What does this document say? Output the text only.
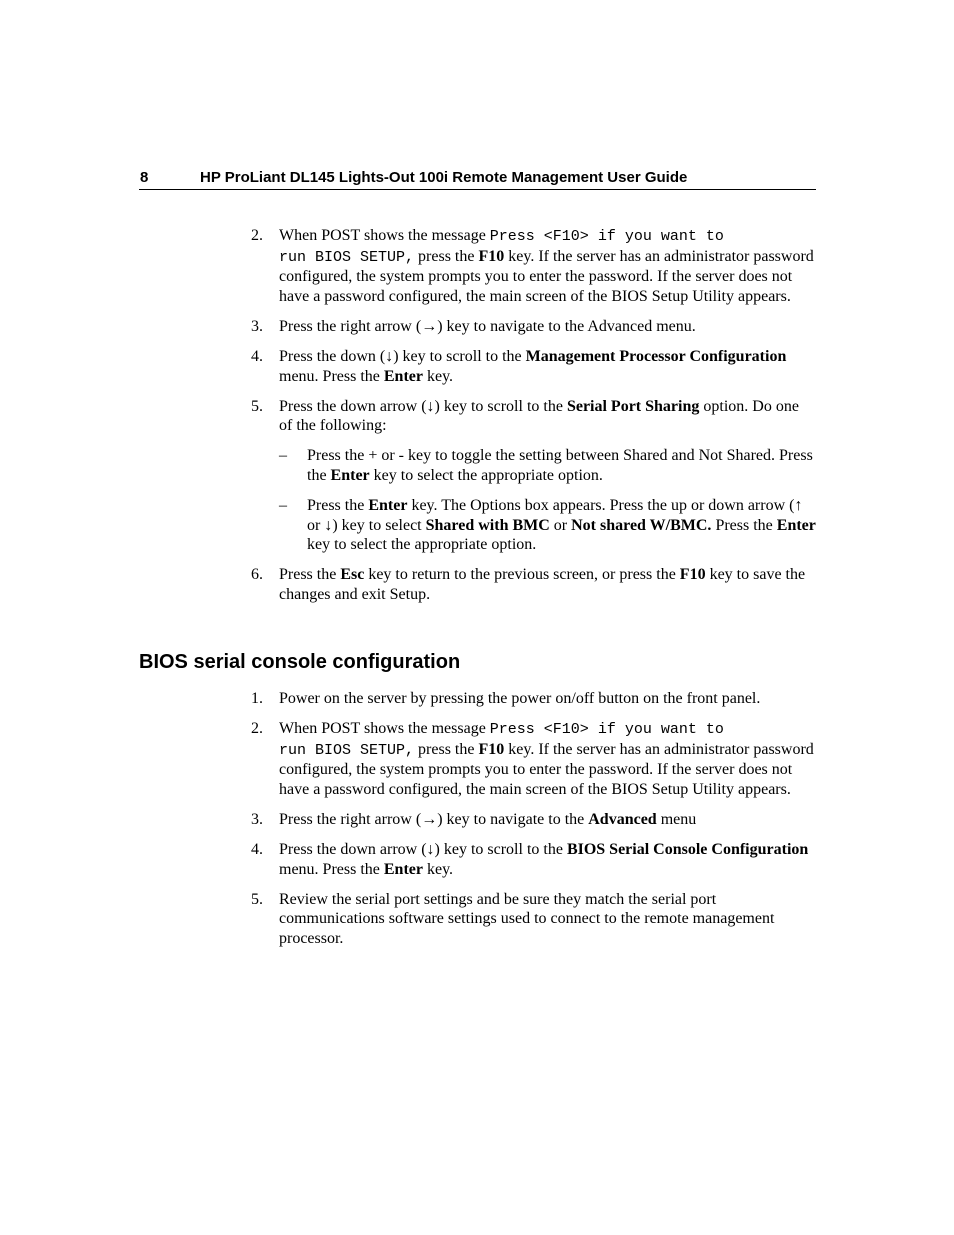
8	HP ProLiant DL145 Lights-Out 100i Remote Management User Guide
2. When POST shows the message Press <F10> if you want to
run BIOS SETUP, press the F10 key. If the server has an administrator password configured, the system prompts you to enter the password. If the server does not have a password configured, the main screen of the BIOS Setup Utility appears.
3. Press the right arrow (→) key to navigate to the Advanced menu.
4. Press the down (↓) key to scroll to the Management Processor Configuration menu. Press the Enter key.
5. Press the down arrow (↓) key to scroll to the Serial Port Sharing option. Do one of the following:
– Press the + or - key to toggle the setting between Shared and Not Shared. Press the Enter key to select the appropriate option.
– Press the Enter key. The Options box appears. Press the up or down arrow (↑ or ↓) key to select Shared with BMC or Not shared W/BMC. Press the Enter key to select the appropriate option.
6. Press the Esc key to return to the previous screen, or press the F10 key to save the changes and exit Setup.
BIOS serial console configuration
1. Power on the server by pressing the power on/off button on the front panel.
2. When POST shows the message Press <F10> if you want to
run BIOS SETUP, press the F10 key. If the server has an administrator password configured, the system prompts you to enter the password. If the server does not have a password configured, the main screen of the BIOS Setup Utility appears.
3. Press the right arrow (→) key to navigate to the Advanced menu
4. Press the down arrow (↓) key to scroll to the BIOS Serial Console Configuration menu. Press the Enter key.
5. Review the serial port settings and be sure they match the serial port communications software settings used to connect to the remote management processor.
